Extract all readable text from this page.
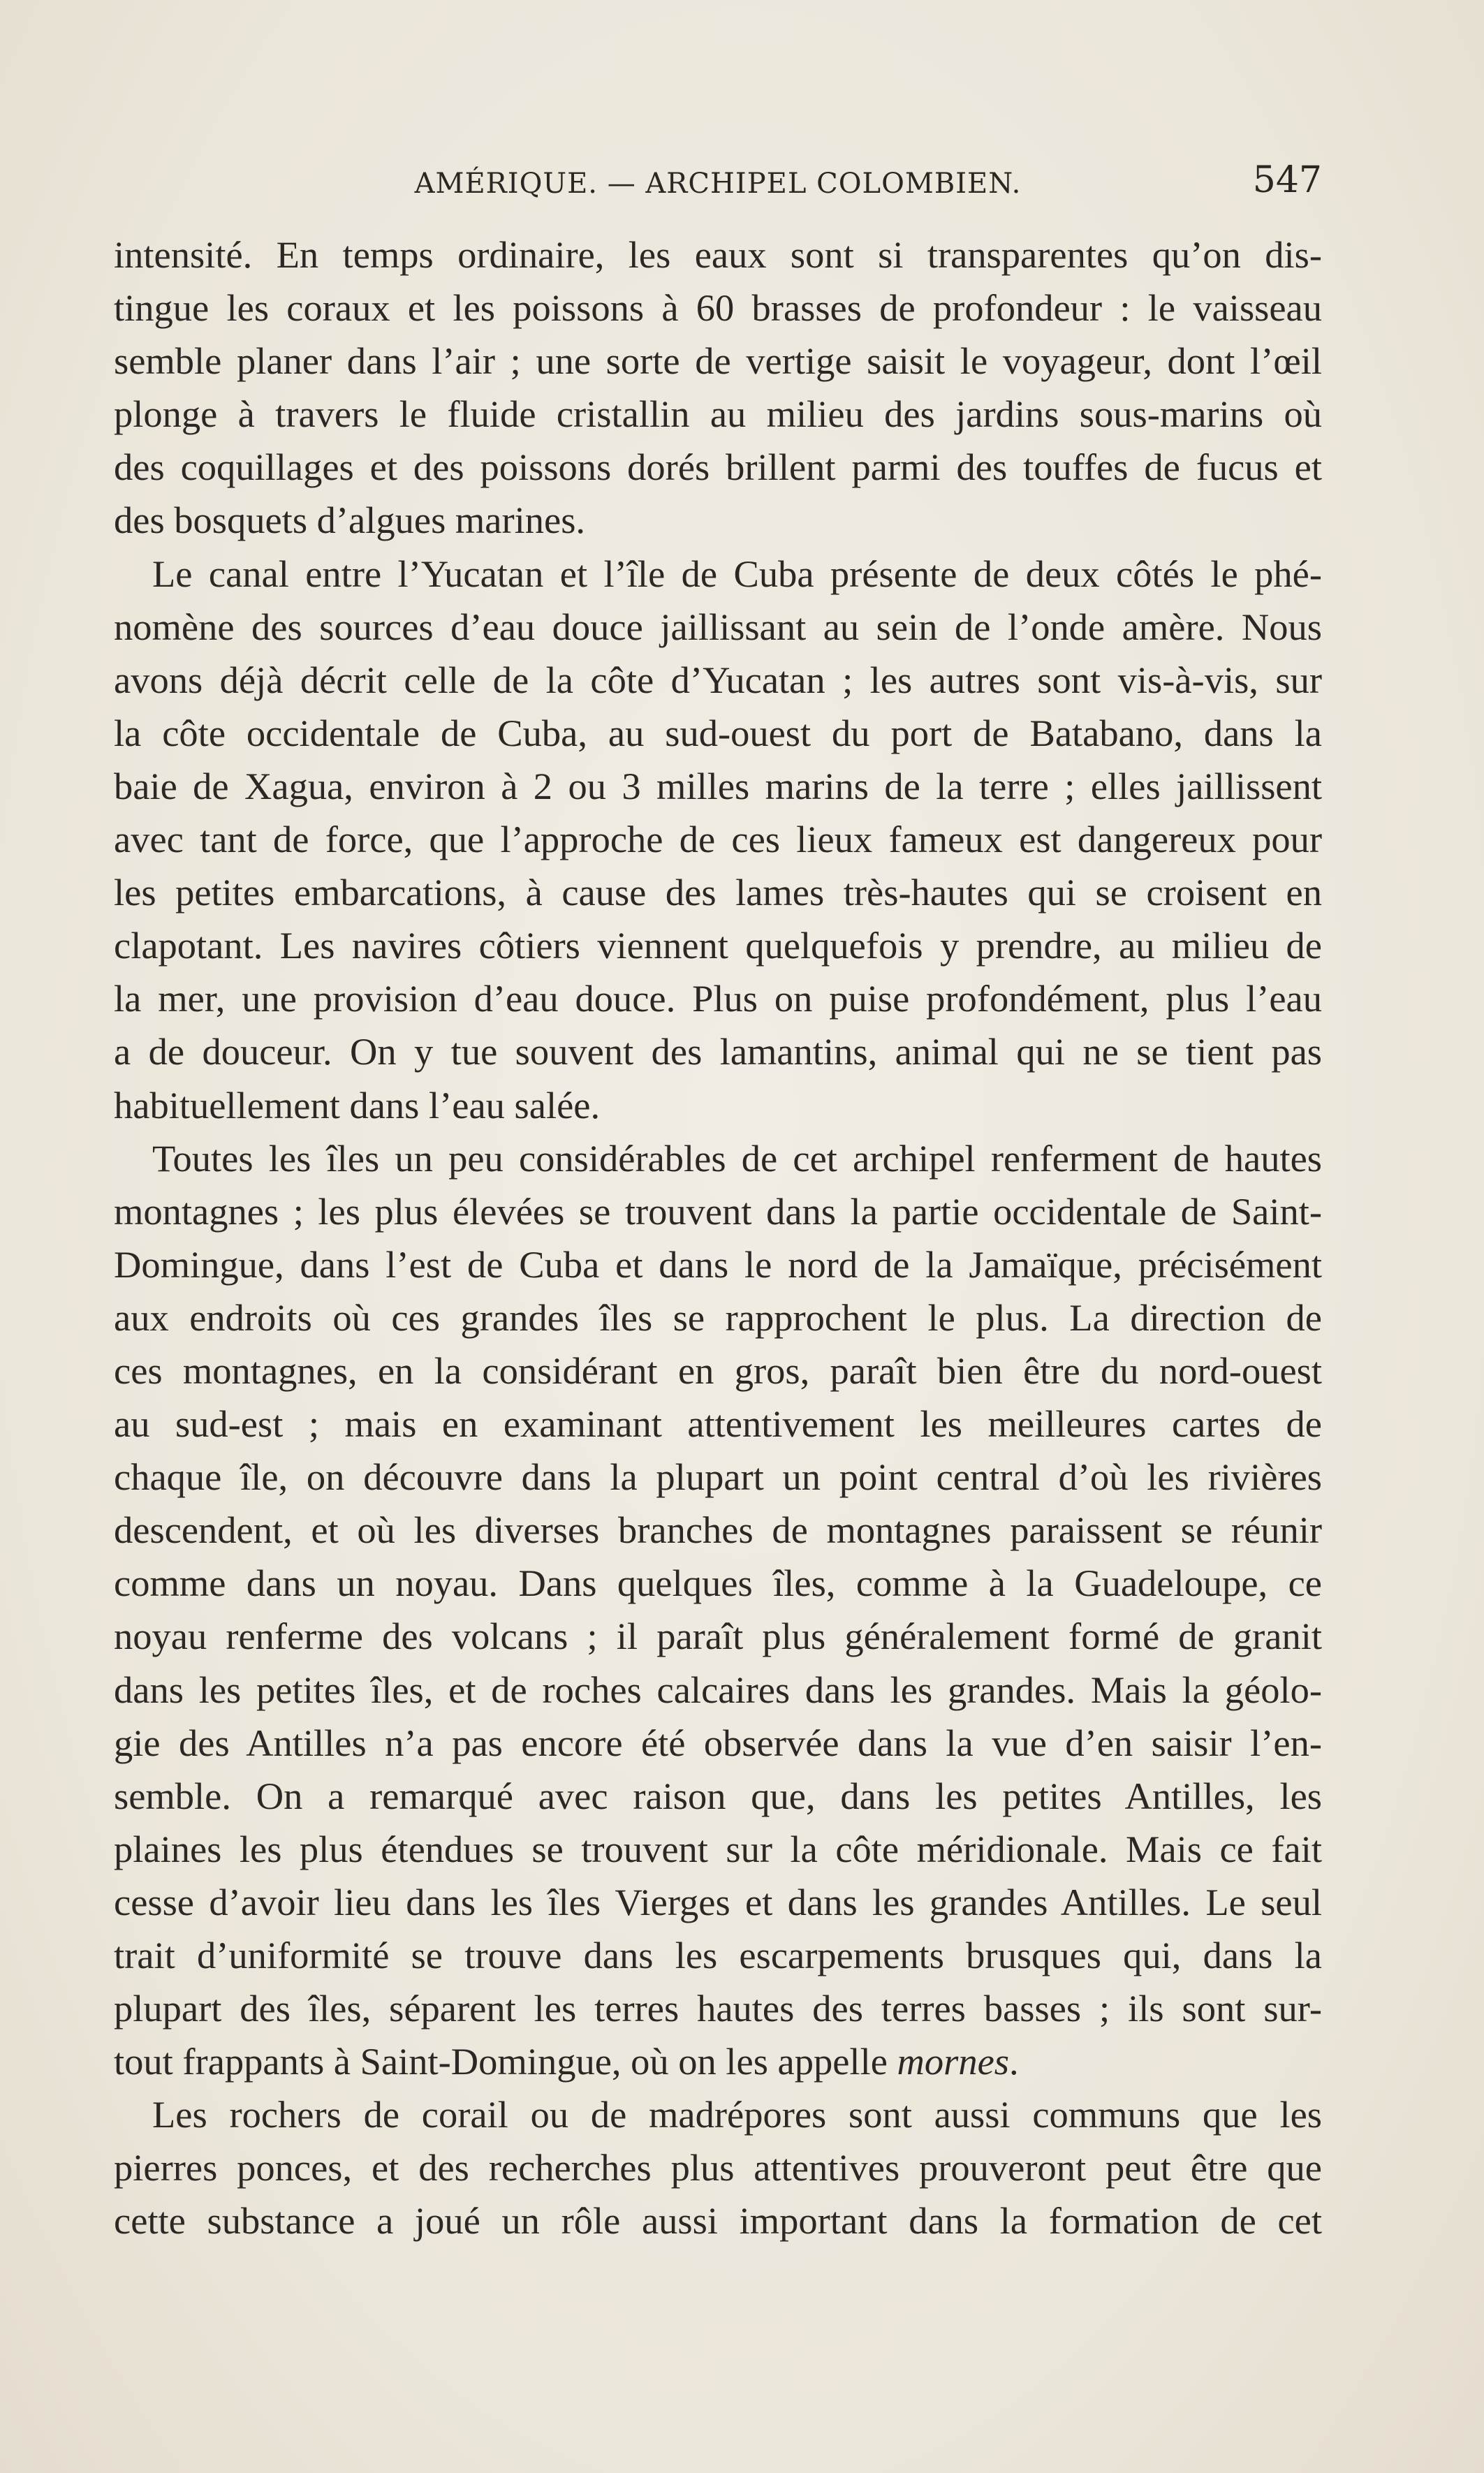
AMÉRIQUE. — ARCHIPEL COLOMBIEN.	547
intensité. En temps ordinaire, les eaux sont si transparentes qu’on dis-
tingue les coraux et les poissons à 60 brasses de profondeur : le vaisseau
semble planer dans l’air ; une sorte de vertige saisit le voyageur, dont l’œil
plonge à travers le fluide cristallin au milieu des jardins sous-marins où
des coquillages et des poissons dorés brillent parmi des touffes de fucus et
des bosquets d’algues marines.
Le canal entre l’Yucatan et l’île de Cuba présente de deux côtés le phé-
nomène des sources d’eau douce jaillissant au sein de l’onde amère. Nous
avons déjà décrit celle de la côte d’Yucatan ; les autres sont vis-à-vis, sur
la côte occidentale de Cuba, au sud-ouest du port de Batabano, dans la
baie de Xagua, environ à 2 ou 3 milles marins de la terre ; elles jaillissent
avec tant de force, que l’approche de ces lieux fameux est dangereux pour
les petites embarcations, à cause des lames très-hautes qui se croisent en
clapotant. Les navires côtiers viennent quelquefois y prendre, au milieu de
la mer, une provision d’eau douce. Plus on puise profondément, plus l’eau
a de douceur. On y tue souvent des lamantins, animal qui ne se tient pas
habituellement dans l’eau salée.
Toutes les îles un peu considérables de cet archipel renferment de hautes
montagnes ; les plus élevées se trouvent dans la partie occidentale de Saint-
Domingue, dans l’est de Cuba et dans le nord de la Jamaïque, précisément
aux endroits où ces grandes îles se rapprochent le plus. La direction de
ces montagnes, en la considérant en gros, paraît bien être du nord-ouest
au sud-est ; mais en examinant attentivement les meilleures cartes de
chaque île, on découvre dans la plupart un point central d’où les rivières
descendent, et où les diverses branches de montagnes paraissent se réunir
comme dans un noyau. Dans quelques îles, comme à la Guadeloupe, ce
noyau renferme des volcans ; il paraît plus généralement formé de granit
dans les petites îles, et de roches calcaires dans les grandes. Mais la géolo-
gie des Antilles n’a pas encore été observée dans la vue d’en saisir l’en-
semble. On a remarqué avec raison que, dans les petites Antilles, les
plaines les plus étendues se trouvent sur la côte méridionale. Mais ce fait
cesse d’avoir lieu dans les îles Vierges et dans les grandes Antilles. Le seul
trait d’uniformité se trouve dans les escarpements brusques qui, dans la
plupart des îles, séparent les terres hautes des terres basses ; ils sont sur-
tout frappants à Saint-Domingue, où on les appelle mornes.
Les rochers de corail ou de madrépores sont aussi communs que les
pierres ponces, et des recherches plus attentives prouveront peut être que
cette substance a joué un rôle aussi important dans la formation de cet
